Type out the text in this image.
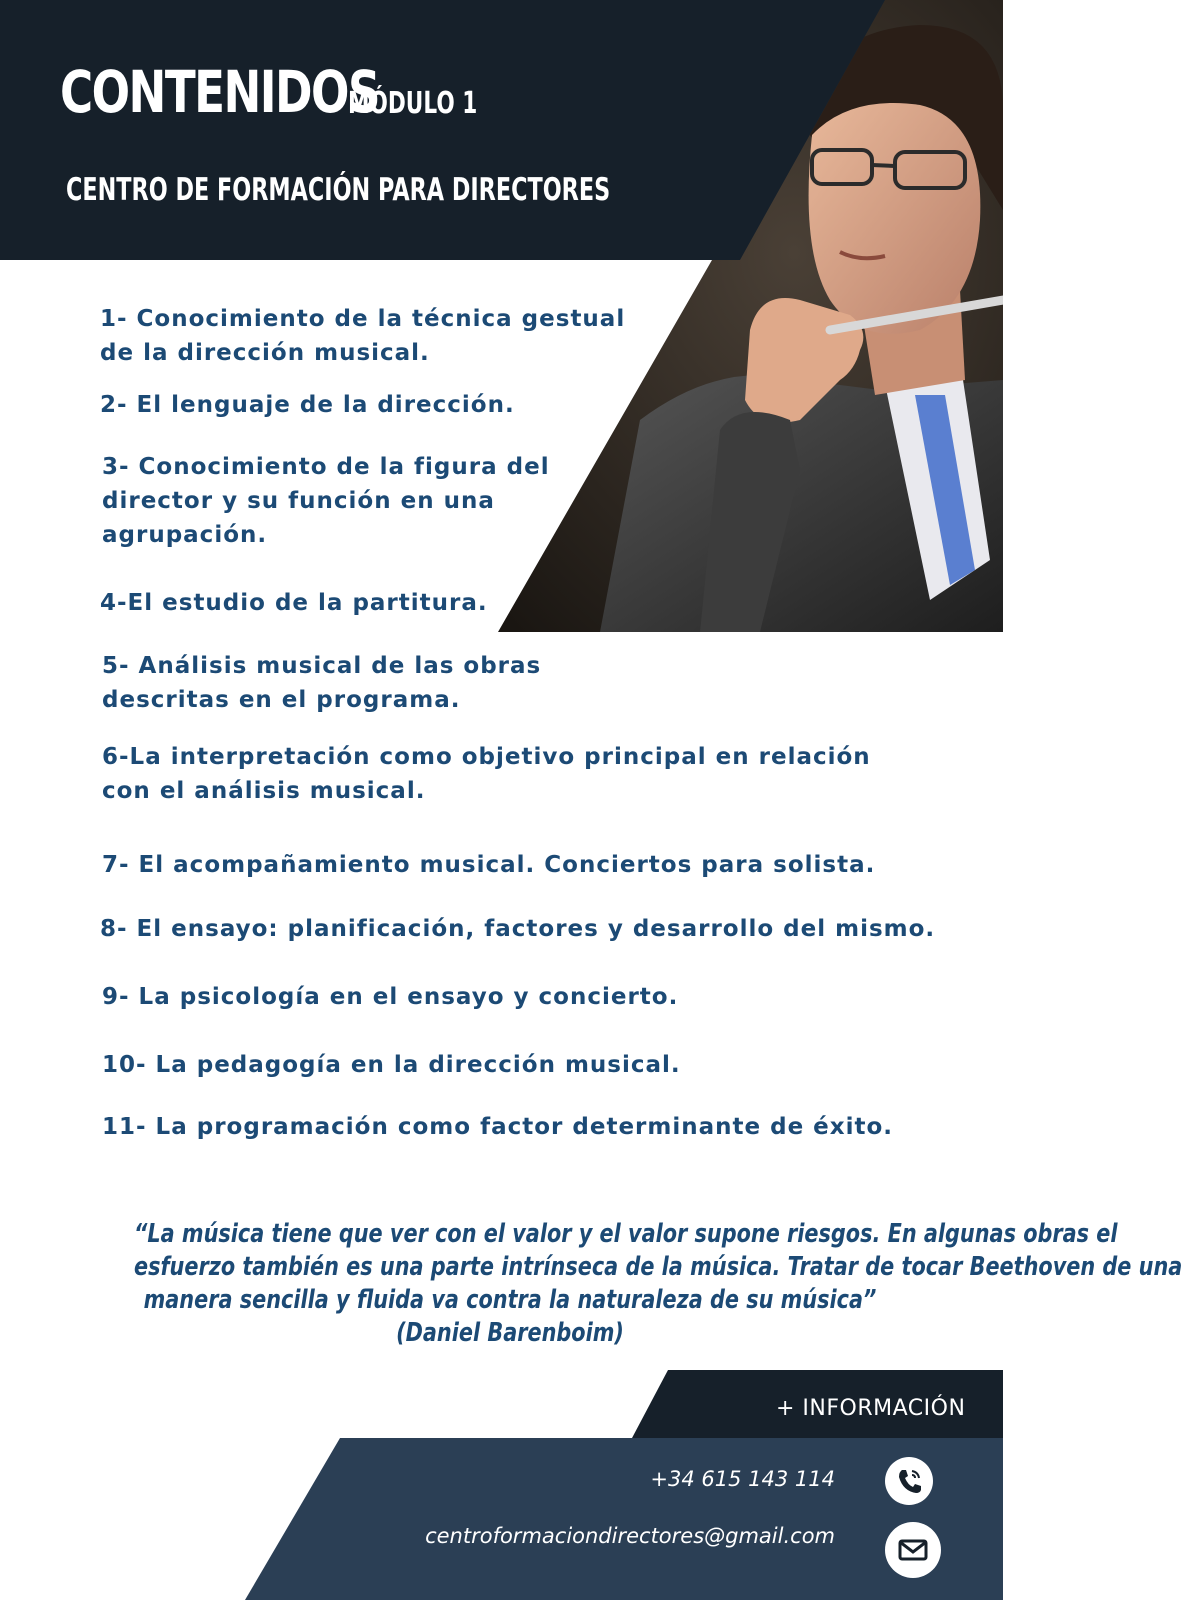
CONTENIDOS
MÓDULO 1
CENTRO DE FORMACIÓN PARA DIRECTORES
1- Conocimiento de la técnica gestual
de la dirección musical.
2- El lenguaje de la dirección.
3- Conocimiento de la figura del
director y su función en una
agrupación.
4-El estudio de la partitura.
5- Análisis musical de las obras
descritas en el programa.
6-La interpretación como objetivo principal en relación
con el análisis musical.
7- El acompañamiento musical. Conciertos para solista.
8- El ensayo: planificación, factores y desarrollo del mismo.
9- La psicología en el ensayo y concierto.
10- La pedagogía en la dirección musical.
11- La programación como factor determinante de éxito.
“La música tiene que ver con el valor y el valor supone riesgos. En algunas obras el
esfuerzo también es una parte intrínseca de la música. Tratar de tocar Beethoven de una
manera sencilla y fluida va contra la naturaleza de su música”
(Daniel Barenboim)
+ INFORMACIÓN
+34 615 143 114
centroformaciondirectores@gmail.com
